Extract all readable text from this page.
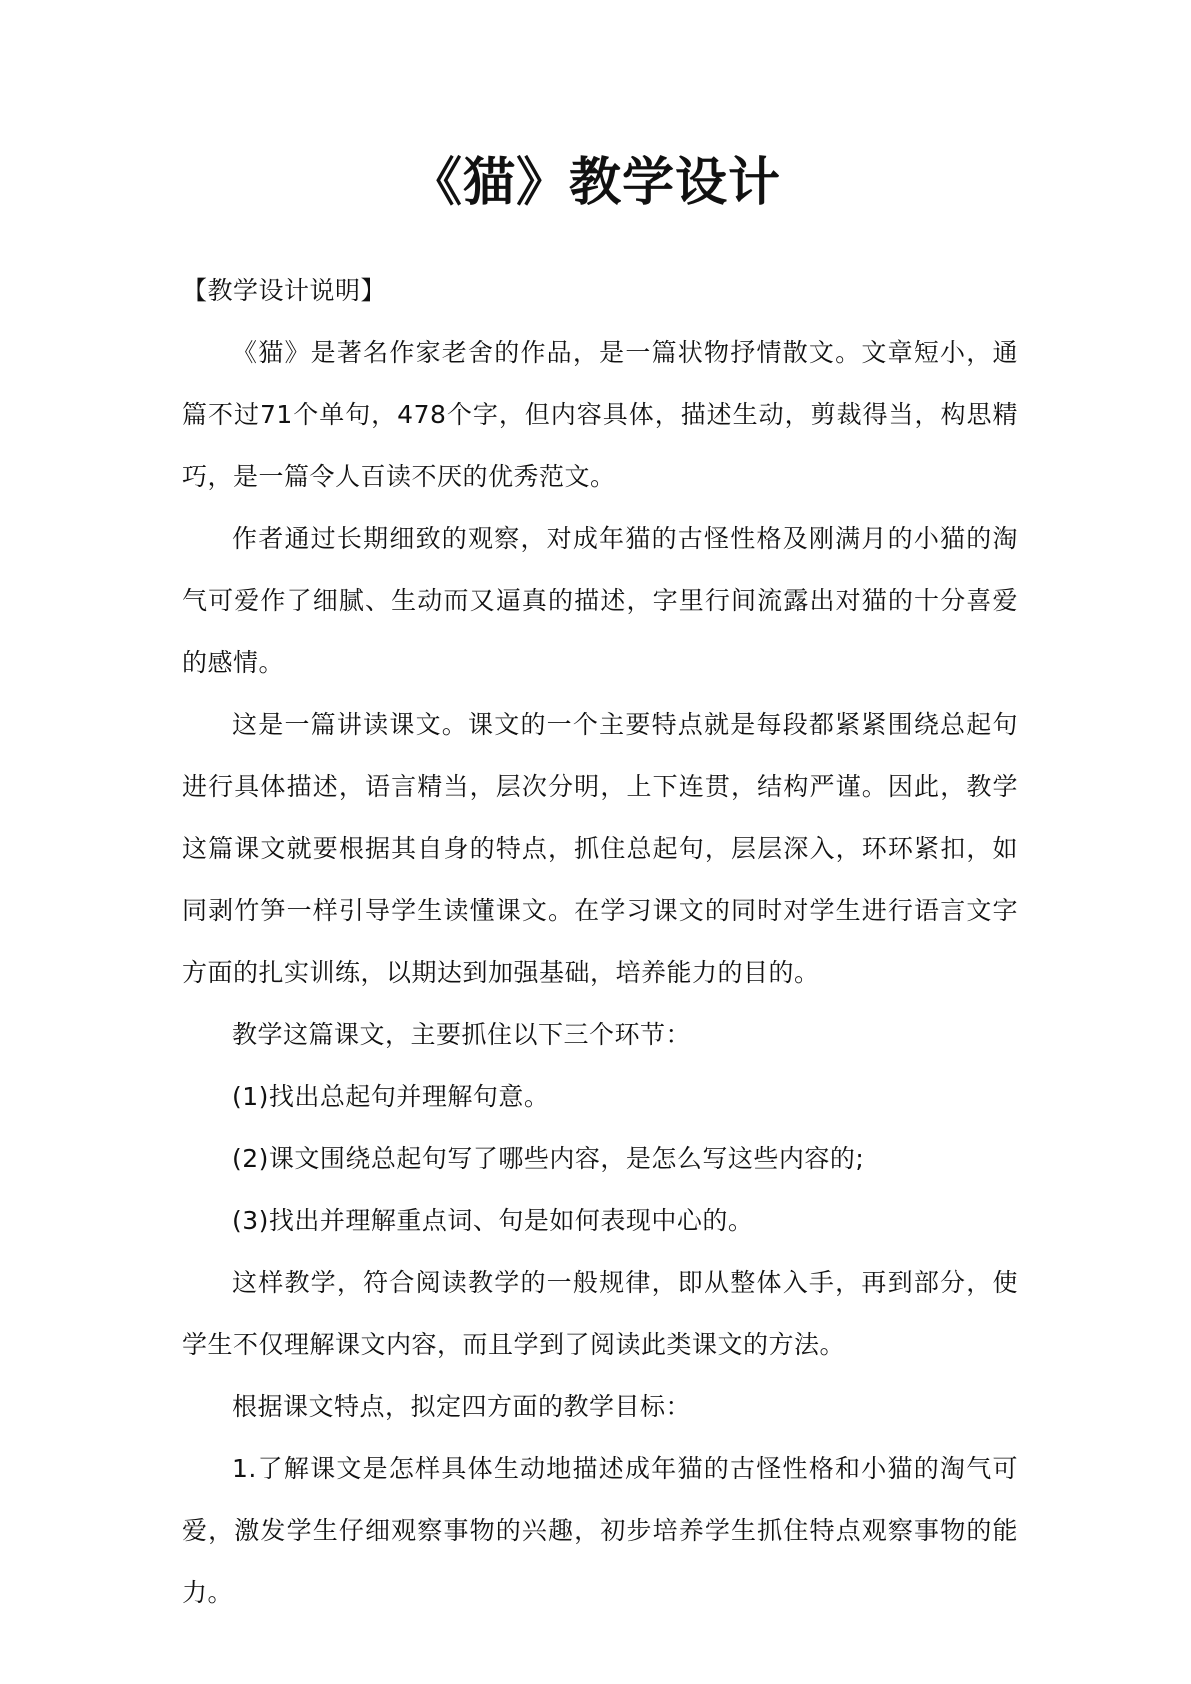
《猫》教学设计

【教学设计说明】

《猫》是著名作家老舍的作品，是一篇状物抒情散文。文章短小，通篇不过71个单句，478个字，但内容具体，描述生动，剪裁得当，构思精巧，是一篇令人百读不厌的优秀范文。

作者通过长期细致的观察，对成年猫的古怪性格及刚满月的小猫的淘气可爱作了细腻、生动而又逼真的描述，字里行间流露出对猫的十分喜爱的感情。

这是一篇讲读课文。课文的一个主要特点就是每段都紧紧围绕总起句进行具体描述，语言精当，层次分明，上下连贯，结构严谨。因此，教学这篇课文就要根据其自身的特点，抓住总起句，层层深入，环环紧扣，如同剥竹笋一样引导学生读懂课文。在学习课文的同时对学生进行语言文字方面的扎实训练，以期达到加强基础，培养能力的目的。

教学这篇课文，主要抓住以下三个环节：

(1)找出总起句并理解句意。

(2)课文围绕总起句写了哪些内容，是怎么写这些内容的;

(3)找出并理解重点词、句是如何表现中心的。

这样教学，符合阅读教学的一般规律，即从整体入手，再到部分，使学生不仅理解课文内容，而且学到了阅读此类课文的方法。

根据课文特点，拟定四方面的教学目标：

1.了解课文是怎样具体生动地描述成年猫的古怪性格和小猫的淘气可爱，激发学生仔细观察事物的兴趣，初步培养学生抓住特点观察事物的能力。
